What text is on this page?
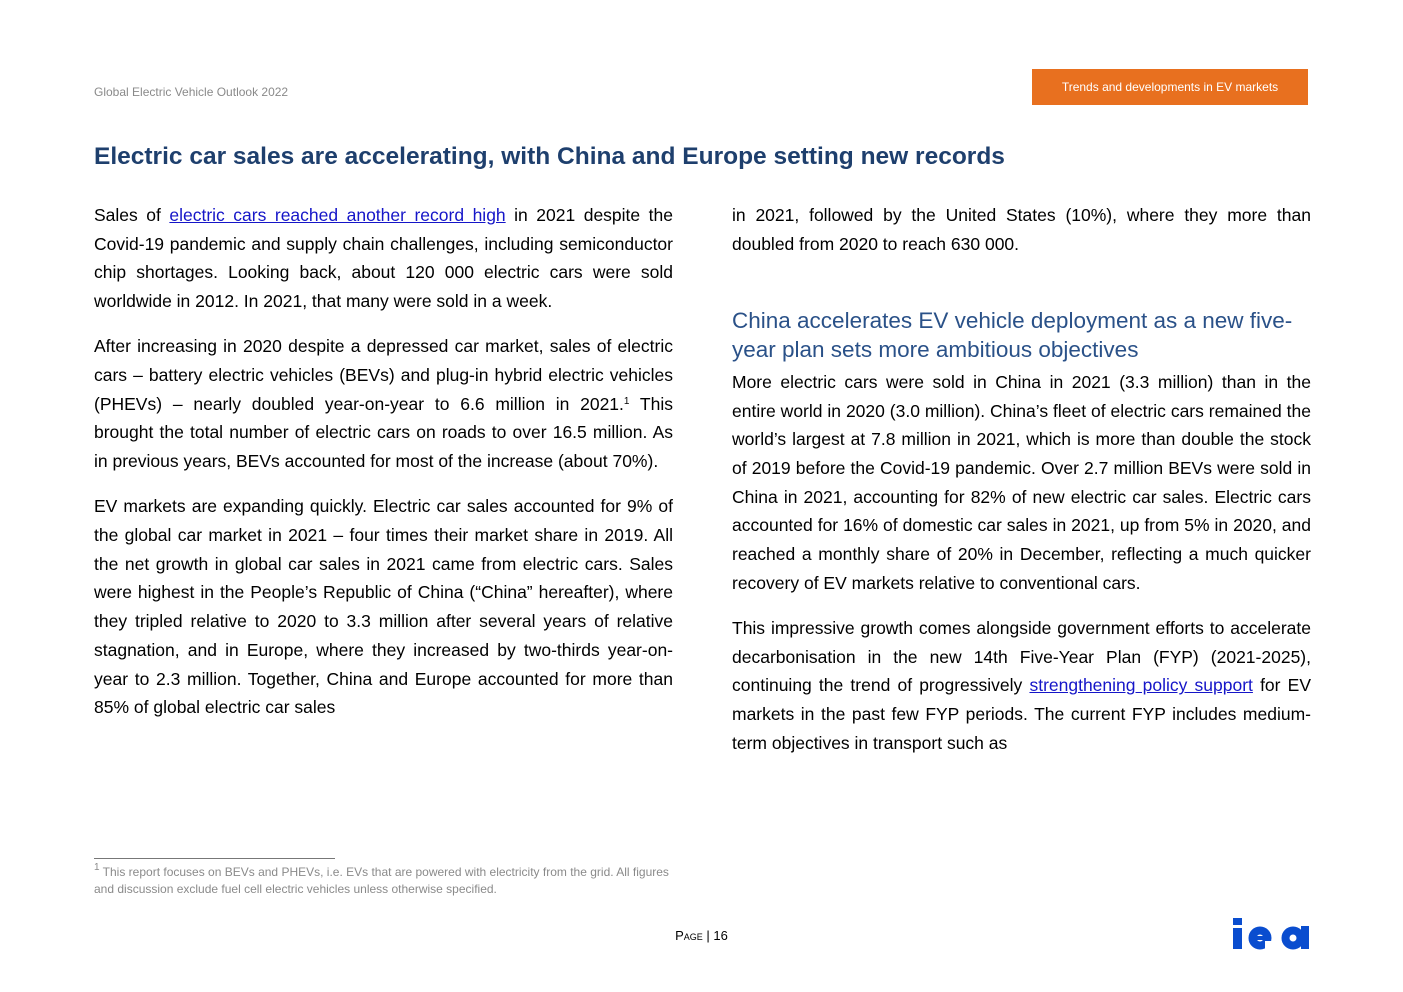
Global Electric Vehicle Outlook 2022	Trends and developments in EV markets
Electric car sales are accelerating, with China and Europe setting new records

Sales of electric cars reached another record high in 2021 despite the Covid-19 pandemic and supply chain challenges, including semiconductor chip shortages. Looking back, about 120 000 electric cars were sold worldwide in 2012. In 2021, that many were sold in a week.

After increasing in 2020 despite a depressed car market, sales of electric cars – battery electric vehicles (BEVs) and plug-in hybrid electric vehicles (PHEVs) – nearly doubled year-on-year to 6.6 million in 2021.$^1$ This brought the total number of electric cars on roads to over 16.5 million. As in previous years, BEVs accounted for most of the increase (about 70%).

EV markets are expanding quickly. Electric car sales accounted for 9% of the global car market in 2021 – four times their market share in 2019. All the net growth in global car sales in 2021 came from electric cars. Sales were highest in the People’s Republic of China (“China” hereafter), where they tripled relative to 2020 to 3.3 million after several years of relative stagnation, and in Europe, where they increased by two-thirds year-on-year to 2.3 million. Together, China and Europe accounted for more than 85% of global electric car sales

in 2021, followed by the United States (10%), where they more than doubled from 2020 to reach 630 000.

China accelerates EV vehicle deployment as a new five-year plan sets more ambitious objectives

More electric cars were sold in China in 2021 (3.3 million) than in the entire world in 2020 (3.0 million). China’s fleet of electric cars remained the world’s largest at 7.8 million in 2021, which is more than double the stock of 2019 before the Covid-19 pandemic. Over 2.7 million BEVs were sold in China in 2021, accounting for 82% of new electric car sales. Electric cars accounted for 16% of domestic car sales in 2021, up from 5% in 2020, and reached a monthly share of 20% in December, reflecting a much quicker recovery of EV markets relative to conventional cars.

This impressive growth comes alongside government efforts to accelerate decarbonisation in the new 14th Five-Year Plan (FYP) (2021-2025), continuing the trend of progressively strengthening policy support for EV markets in the past few FYP periods. The current FYP includes medium-term objectives in transport such as

$^1$ This report focuses on BEVs and PHEVs, i.e. EVs that are powered with electricity from the grid. All figures and discussion exclude fuel cell electric vehicles unless otherwise specified.
Page | 16
